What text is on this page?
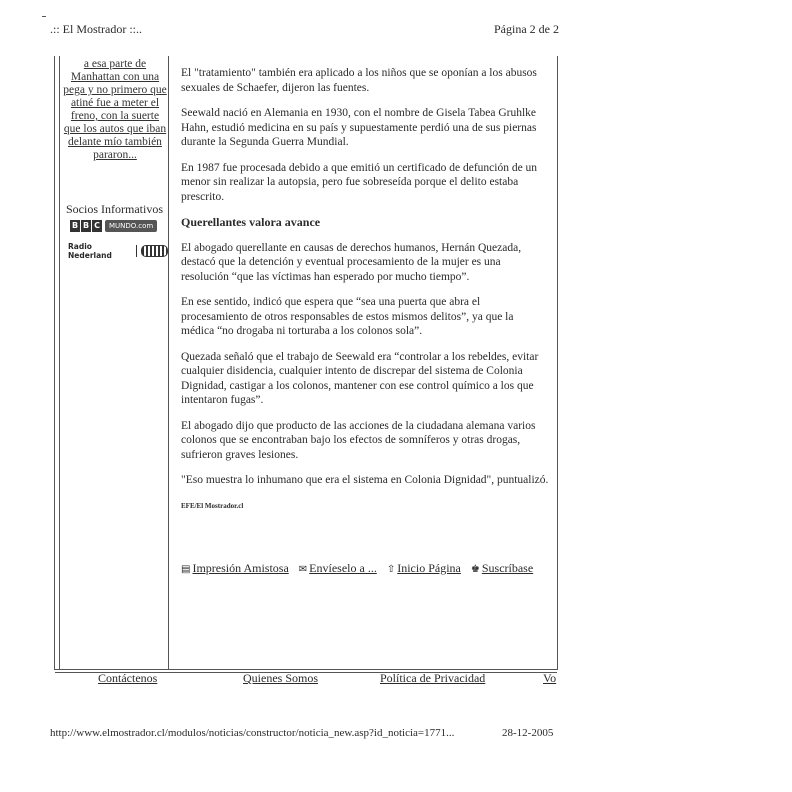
.:: El Mostrador ::..	Página 2 de 2
a esa parte de
Manhattan con una
pega y no primero que
atiné fue a meter el
freno, con la suerte
que los autos que iban
delante mío también
pararon...
Socios Informativos
B B C	MUNDO.com
Radio Nederland

El "tratamiento" también era aplicado a los niños que se oponían a los abusos sexuales de Schaefer, dijeron las fuentes.

Seewald nació en Alemania en 1930, con el nombre de Gisela Tabea Gruhlke Hahn, estudió medicina en su país y supuestamente perdió una de sus piernas durante la Segunda Guerra Mundial.

En 1987 fue procesada debido a que emitió un certificado de defunción de un menor sin realizar la autopsia, pero fue sobreseída porque el delito estaba prescrito.

Querellantes valora avance

El abogado querellante en causas de derechos humanos, Hernán Quezada, destacó que la detención y eventual procesamiento de la mujer es una resolución “que las víctimas han esperado por mucho tiempo”.

En ese sentido, indicó que espera que “sea una puerta que abra el procesamiento de otros responsables de estos mismos delitos”, ya que la médica “no drogaba ni torturaba a los colonos sola”.

Quezada señaló que el trabajo de Seewald era “controlar a los rebeldes, evitar cualquier disidencia, cualquier intento de discrepar del sistema de Colonia Dignidad, castigar a los colonos, mantener con ese control químico a los que intentaron fugas”.

El abogado dijo que producto de las acciones de la ciudadana alemana varios colonos que se encontraban bajo los efectos de somníferos y otras drogas, sufrieron graves lesiones.

"Eso muestra lo inhumano que era el sistema en Colonia Dignidad", puntualizó.

EFE/El Mostrador.cl
▤ Impresión Amistosa ✉ Envíeselo a ... ⇧ Inicio Página ♚ Suscríbase
Contáctenos	Quienes Somos	Política de Privacidad	Vo
http://www.elmostrador.cl/modulos/noticias/constructor/noticia_new.asp?id_noticia=1771...	28-12-2005
